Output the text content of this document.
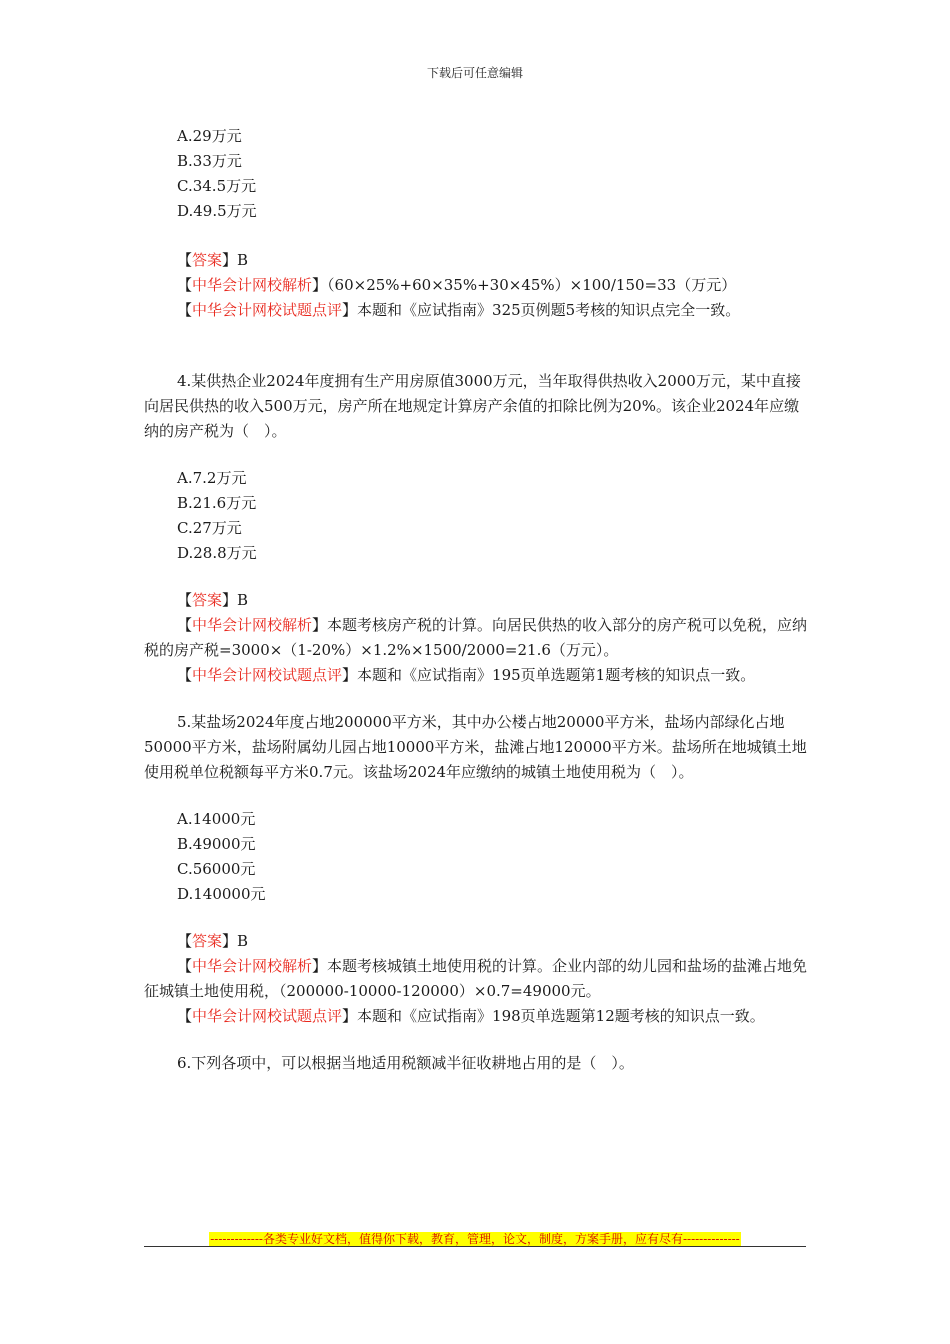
下载后可任意编辑

A.29万元

B.33万元

C.34.5万元

D.49.5万元

【答案】B

【中华会计网校解析】（60×25%+60×35%+30×45%）×100/150=33（万元）

【中华会计网校试题点评】本题和《应试指南》325页例题5考核的知识点完全一致。

4.某供热企业2024年度拥有生产用房原值3000万元，当年取得供热收入2000万元，某中直接向居民供热的收入500万元，房产所在地规定计算房产余值的扣除比例为20%。该企业2024年应缴纳的房产税为（　）。

A.7.2万元

B.21.6万元

C.27万元

D.28.8万元

【答案】B

【中华会计网校解析】本题考核房产税的计算。向居民供热的收入部分的房产税可以免税，应纳税的房产税=3000×（1-20%）×1.2%×1500/2000=21.6（万元）。

【中华会计网校试题点评】本题和《应试指南》195页单选题第1题考核的知识点一致。

5.某盐场2024年度占地200000平方米，其中办公楼占地20000平方米，盐场内部绿化占地50000平方米，盐场附属幼儿园占地10000平方米，盐滩占地120000平方米。盐场所在地城镇土地使用税单位税额每平方米0.7元。该盐场2024年应缴纳的城镇土地使用税为（　）。

A.14000元

B.49000元

C.56000元

D.140000元

【答案】B

【中华会计网校解析】本题考核城镇土地使用税的计算。企业内部的幼儿园和盐场的盐滩占地免征城镇土地使用税，（200000-10000-120000）×0.7=49000元。

【中华会计网校试题点评】本题和《应试指南》198页单选题第12题考核的知识点一致。

6.下列各项中，可以根据当地适用税额减半征收耕地占用的是（　）。

-------------各类专业好文档，值得你下载，教育，管理，论文，制度，方案手册，应有尽有--------------
